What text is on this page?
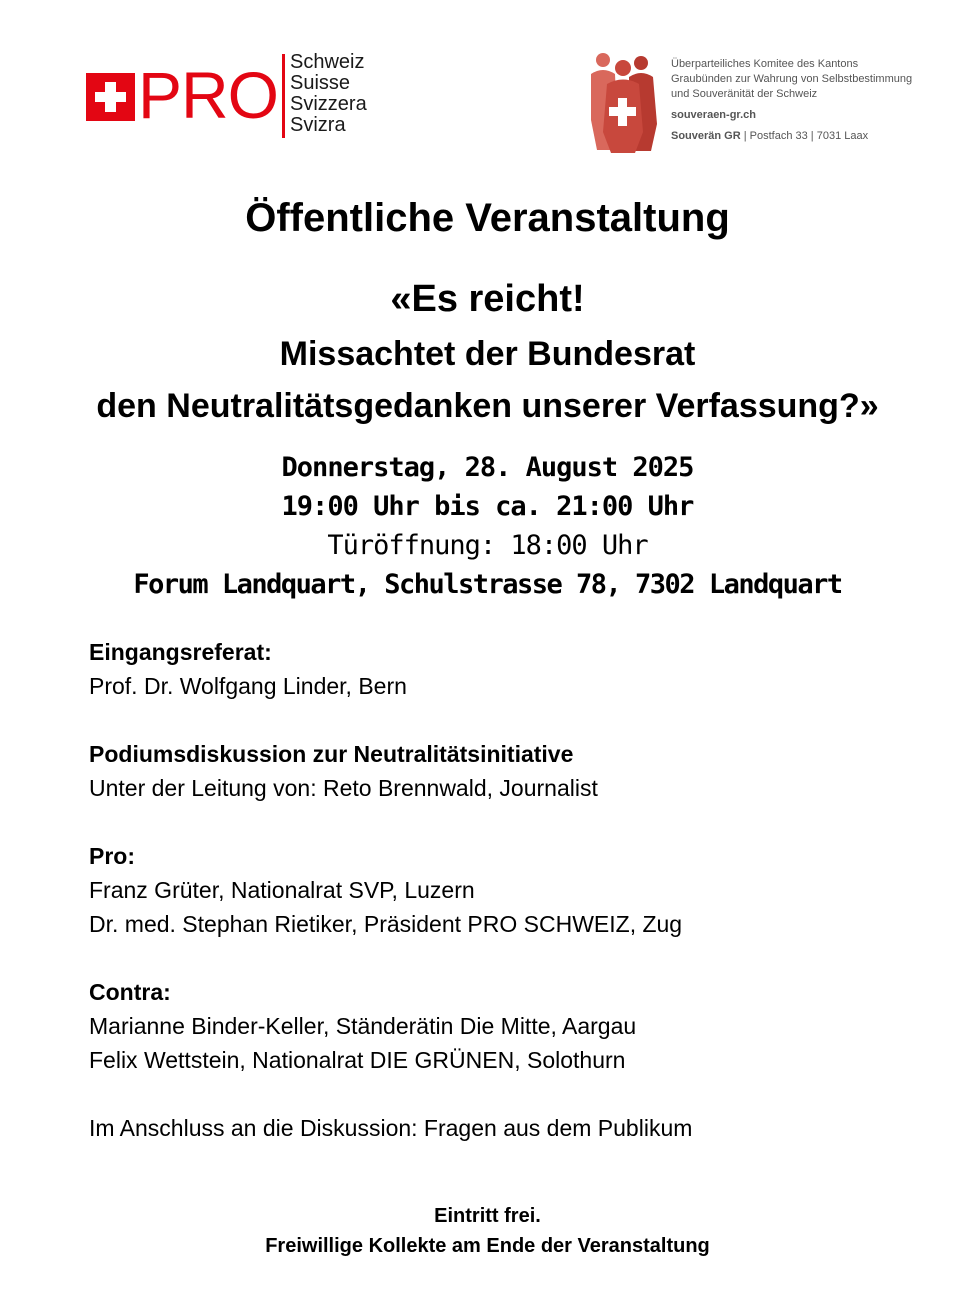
PRO Schweiz
Suisse
Svizzera
Svizra
Überparteiliches Komitee des Kantons
Graubünden zur Wahrung von Selbstbestimmung
und Souveränität der Schweiz
souveraen-gr.ch
Souverän GR | Postfach 33 | 7031 Laax
Öffentliche Veranstaltung
«Es reicht!
Missachtet der Bundesrat
den Neutralitätsgedanken unserer Verfassung?»
Donnerstag, 28. August 2025
19:00 Uhr bis ca. 21:00 Uhr
Türöffnung: 18:00 Uhr
Forum Landquart, Schulstrasse 78, 7302 Landquart
Eingangsreferat:
Prof. Dr. Wolfgang Linder, Bern
Podiumsdiskussion zur Neutralitätsinitiative
Unter der Leitung von: Reto Brennwald, Journalist
Pro:
Franz Grüter, Nationalrat SVP, Luzern
Dr. med. Stephan Rietiker, Präsident PRO SCHWEIZ, Zug
Contra:
Marianne Binder-Keller, Ständerätin Die Mitte, Aargau
Felix Wettstein, Nationalrat DIE GRÜNEN, Solothurn
Im Anschluss an die Diskussion: Fragen aus dem Publikum
Eintritt frei.
Freiwillige Kollekte am Ende der Veranstaltung
